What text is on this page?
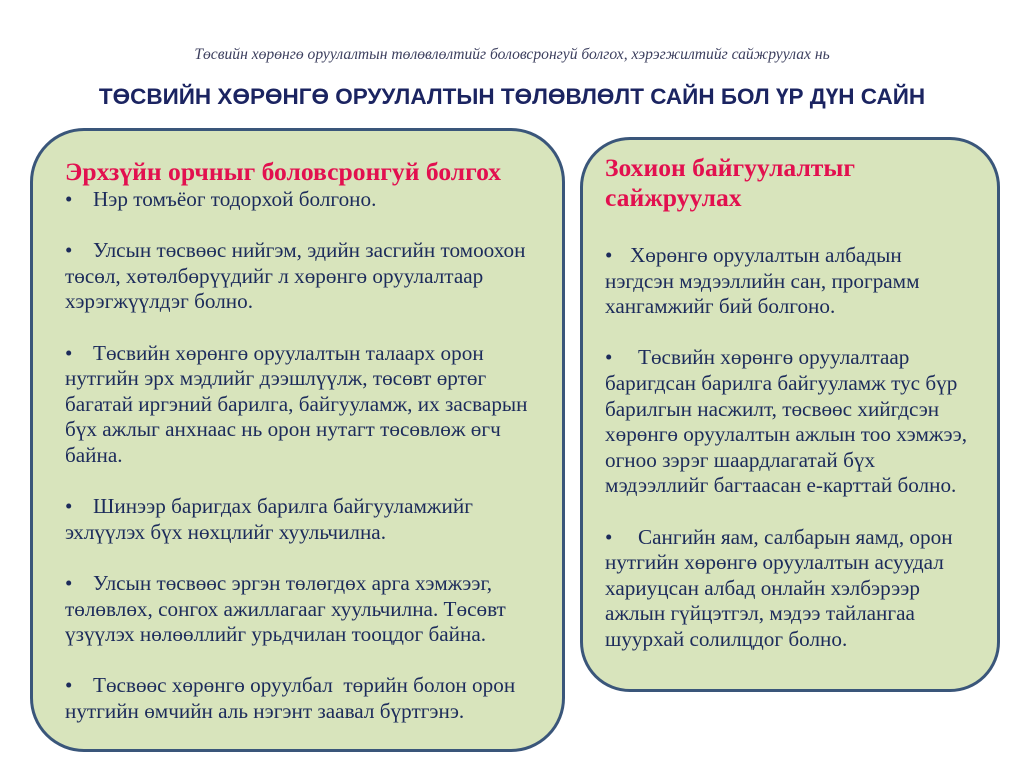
Төсвийн хөрөнгө оруулалтын төлөвлөлтийг боловсронгуй болгох, хэрэгжилтийг сайжруулах нь
ТӨСВИЙН ХӨРӨНГӨ ОРУУЛАЛТЫН ТӨЛӨВЛӨЛТ САЙН БОЛ ҮР ДҮН САЙН
Эрхзүйн орчныг боловсронгуй болгох
• Нэр томъёог тодорхой болгоно.
• Улсын төсвөөс нийгэм, эдийн засгийн томоохон
төсөл, хөтөлбөрүүдийг л хөрөнгө оруулалтаар
хэрэгжүүлдэг болно.
• Төсвийн хөрөнгө оруулалтын талаарх орон
нутгийн эрх мэдлийг дээшлүүлж, төсөвт өртөг
багатай иргэний барилга, байгууламж, их засварын
бүх ажлыг анхнаас нь орон нутагт төсөвлөж өгч
байна.
• Шинээр баригдах барилга байгууламжийг
эхлүүлэх бүх нөхцлийг хуульчилна.
• Улсын төсвөөс эргэн төлөгдөх арга хэмжээг,
төлөвлөх, сонгох ажиллагааг хуульчилна. Төсөвт
үзүүлэх нөлөөллийг урьдчилан тооцдог байна.
• Төсвөөс хөрөнгө оруулбал  төрийн болон орон
нутгийн өмчийн аль нэгэнт заавал бүртгэнэ.
Зохион байгуулалтыг
сайжруулах
• Хөрөнгө оруулалтын албадын
нэгдсэн мэдээллийн сан, программ
хангамжийг бий болгоно.
• Төсвийн хөрөнгө оруулалтаар
баригдсан барилга байгууламж тус бүр
барилгын насжилт, төсвөөс хийгдсэн
хөрөнгө оруулалтын ажлын тоо хэмжээ,
огноо зэрэг шаардлагатай бүх
мэдээллийг багтаасан е-карттай болно.
• Сангийн яам, салбарын яамд, орон
нутгийн хөрөнгө оруулалтын асуудал
хариуцсан албад онлайн хэлбэрээр
ажлын гүйцэтгэл, мэдээ тайлангаа
шуурхай солилцдог болно.
